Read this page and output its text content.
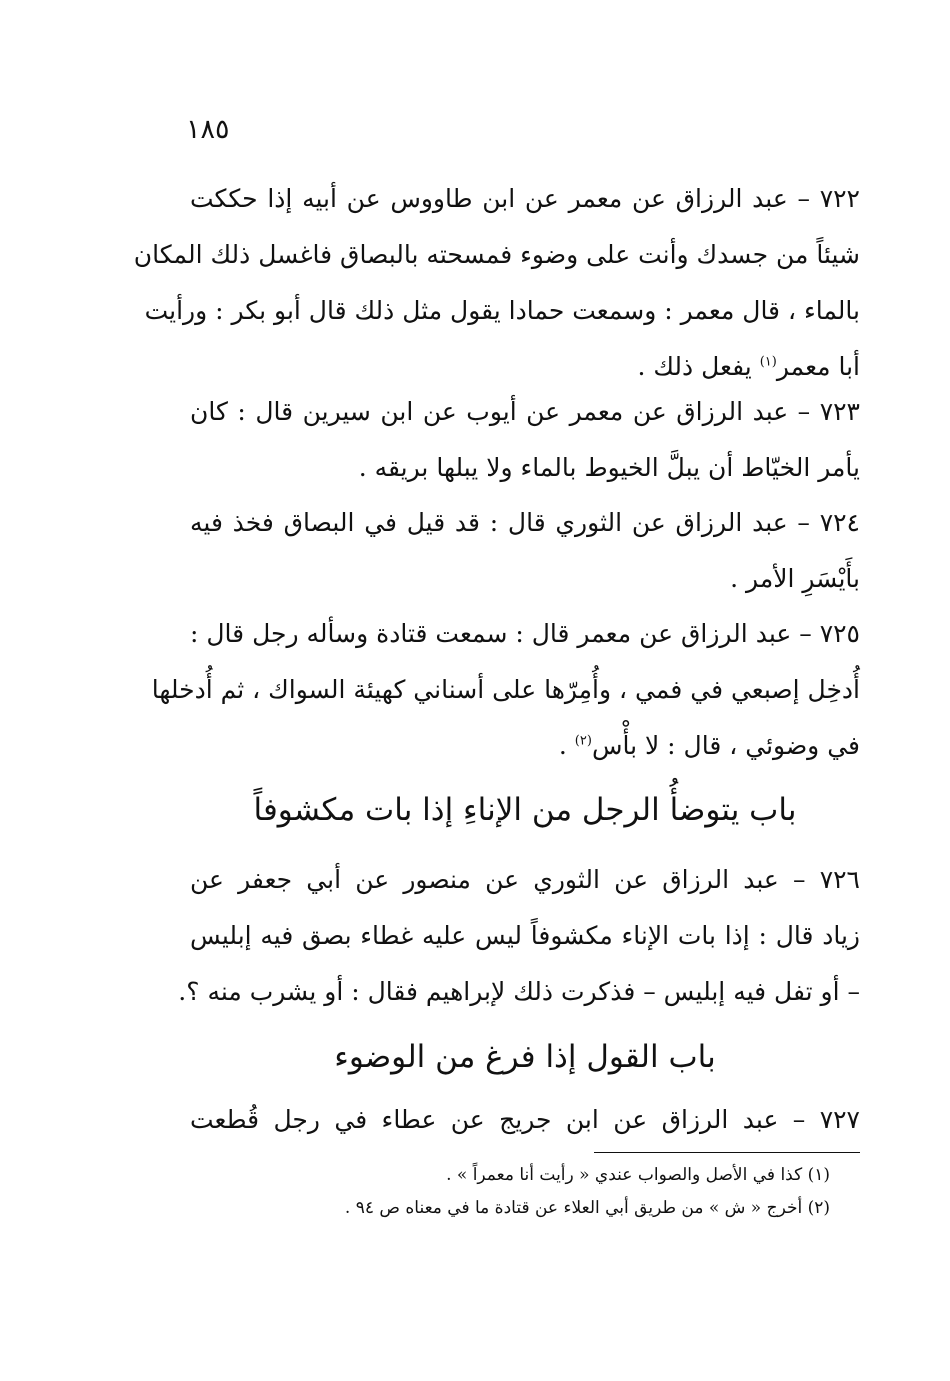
١٨٥
٧٢٢ – عبد الرزاق عن معمر عن ابن طاووس عن أبيه إذا حككت
شيئاً من جسدك وأنت على وضوء فمسحته بالبصاق فاغسل ذلك المكان
بالماء ، قال معمر : وسمعت حمادا يقول مثل ذلك قال أبو بكر : ورأيت
أبا معمر$^{(١)}$ يفعل ذلك .
٧٢٣ – عبد الرزاق عن معمر عن أيوب عن ابن سيرين قال : كان
يأمر الخيّاط أن يبلَّ الخيوط بالماء ولا يبلها بريقه .
٧٢٤ – عبد الرزاق عن الثوري قال : قد قيل في البصاق فخذ فيه
بأَيْسَرِ الأمر .
٧٢٥ – عبد الرزاق عن معمر قال : سمعت قتادة وسأله رجل قال :
أُدخِل إصبعي في فمي ، وأُمِرّها على أسناني كهيئة السواك ، ثم أُدخلها
في وضوئي ، قال : لا بأْس$^{(٢)}$ .
باب يتوضأُ الرجل من الإناءِ إذا بات مكشوفاً
٧٢٦ – عبد الرزاق عن الثوري عن منصور عن أبي جعفر عن
زياد قال : إذا بات الإناء مكشوفاً ليس عليه غطاء بصق فيه إبليس
– أو تفل فيه إبليس – فذكرت ذلك لإبراهيم فقال : أو يشرب منه ؟.
باب القول إذا فرغ من الوضوء
٧٢٧ – عبد الرزاق عن ابن جريج عن عطاء في رجل قُطعت
(١) كذا في الأصل والصواب عندي « رأيت أنا معمراً » .
(٢) أخرج « ش » من طريق أبي العلاء عن قتادة ما في معناه ص ٩٤ .
